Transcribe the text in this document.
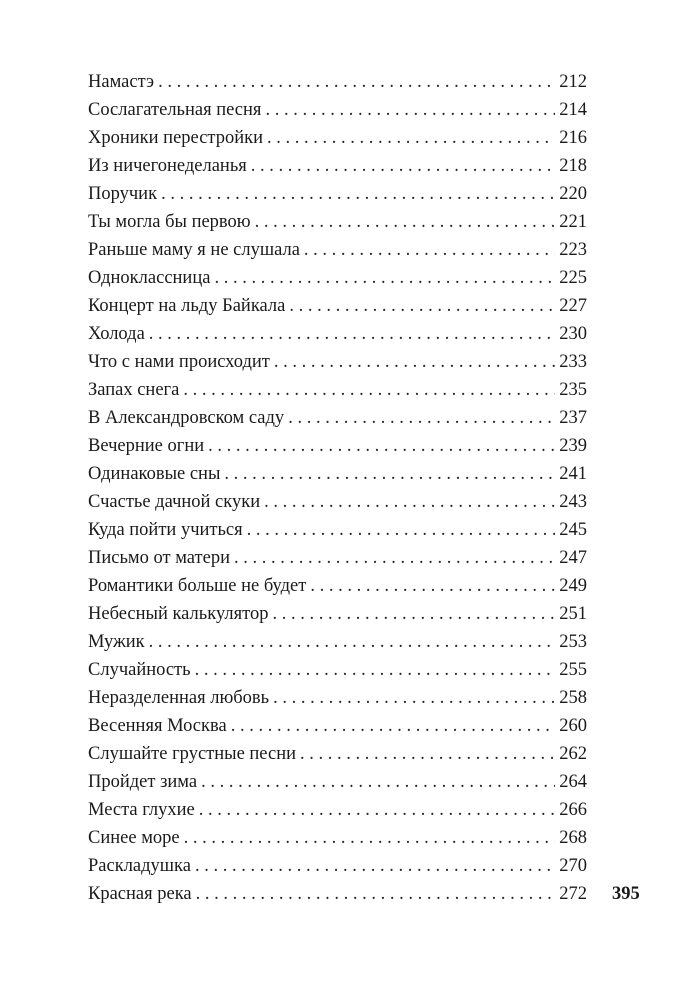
Намастэ . . .	212
Сослагательная песня . . .	214
Хроники перестройки . . .	216
Из ничегонеделанья . . .	218
Поручик . . .	220
Ты могла бы первою . . .	221
Раньше маму я не слушала . . .	223
Одноклассница . . .	225
Концерт на льду Байкала . . .	227
Холода . . .	230
Что с нами происходит . . .	233
Запах снега . . .	235
В Александровском саду . . .	237
Вечерние огни . . .	239
Одинаковые сны . . .	241
Счастье дачной скуки . . .	243
Куда пойти учиться . . .	245
Письмо от матери . . .	247
Романтики больше не будет . . .	249
Небесный калькулятор . . .	251
Мужик . . .	253
Случайность . . .	255
Неразделенная любовь . . .	258
Весенняя Москва . . .	260
Слушайте грустные песни . . .	262
Пройдет зима . . .	264
Места глухие . . .	266
Синее море . . .	268
Раскладушка . . .	270
Красная река . . .	272 395
